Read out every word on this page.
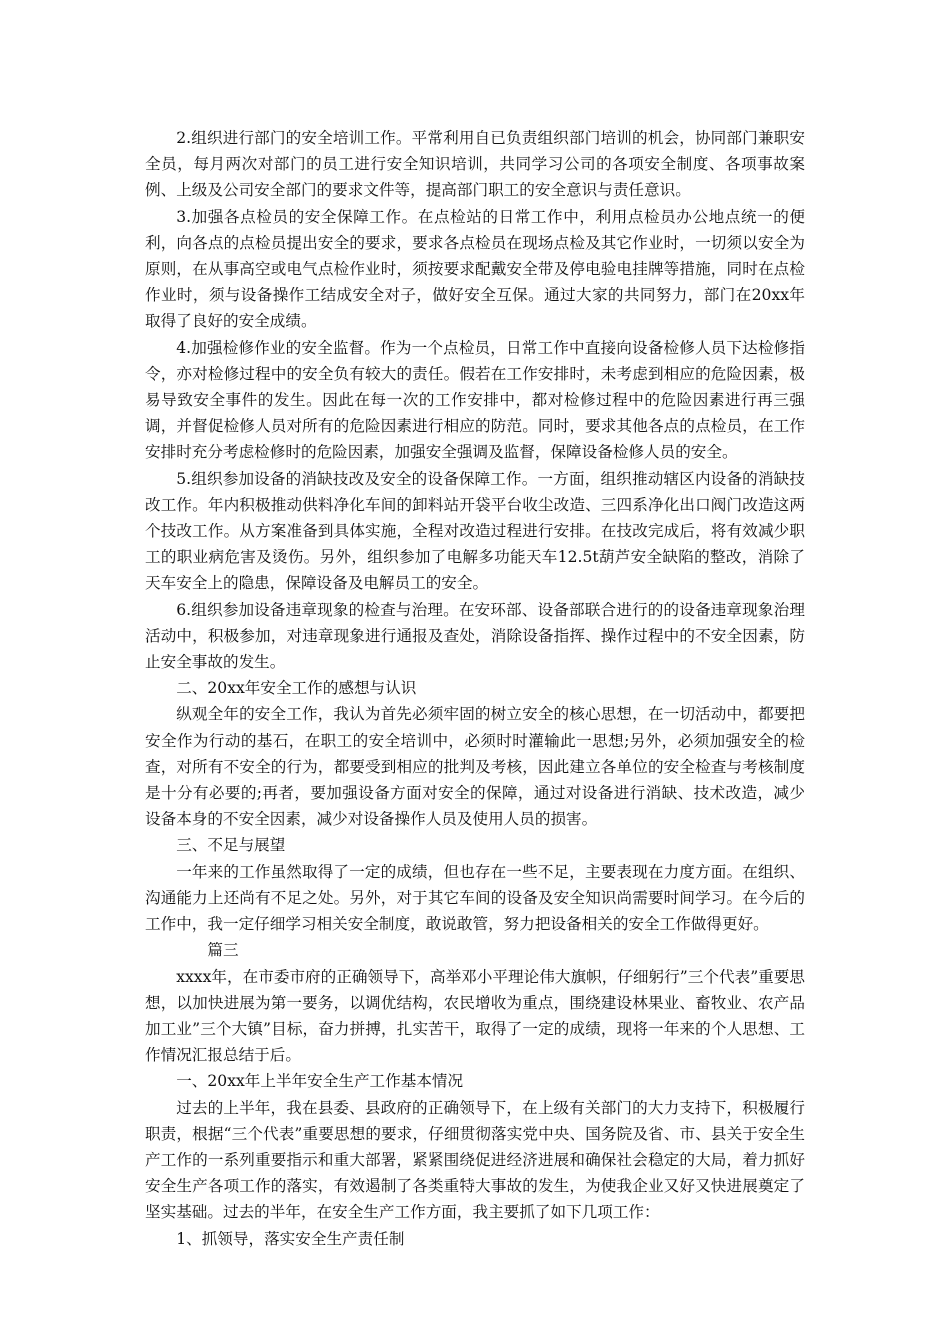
2.组织进行部门的安全培训工作。平常利用自已负责组织部门培训的机会，协同部门兼职安全员，每月两次对部门的员工进行安全知识培训，共同学习公司的各项安全制度、各项事故案例、上级及公司安全部门的要求文件等，提高部门职工的安全意识与责任意识。

3.加强各点检员的安全保障工作。在点检站的日常工作中，利用点检员办公地点统一的便利，向各点的点检员提出安全的要求，要求各点检员在现场点检及其它作业时，一切须以安全为原则，在从事高空或电气点检作业时，须按要求配戴安全带及停电验电挂牌等措施，同时在点检作业时，须与设备操作工结成安全对子，做好安全互保。通过大家的共同努力，部门在20xx年取得了良好的安全成绩。

4.加强检修作业的安全监督。作为一个点检员，日常工作中直接向设备检修人员下达检修指令，亦对检修过程中的安全负有较大的责任。假若在工作安排时，未考虑到相应的危险因素，极易导致安全事件的发生。因此在每一次的工作安排中，都对检修过程中的危险因素进行再三强调，并督促检修人员对所有的危险因素进行相应的防范。同时，要求其他各点的点检员，在工作安排时充分考虑检修时的危险因素，加强安全强调及监督，保障设备检修人员的安全。

5.组织参加设备的消缺技改及安全的设备保障工作。一方面，组织推动辖区内设备的消缺技改工作。年内积极推动供料净化车间的卸料站开袋平台收尘改造、三四系净化出口阀门改造这两个技改工作。从方案准备到具体实施，全程对改造过程进行安排。在技改完成后，将有效减少职工的职业病危害及烫伤。另外，组织参加了电解多功能天车12.5t葫芦安全缺陷的整改，消除了天车安全上的隐患，保障设备及电解员工的安全。

6.组织参加设备违章现象的检查与治理。在安环部、设备部联合进行的的设备违章现象治理活动中，积极参加，对违章现象进行通报及查处，消除设备指挥、操作过程中的不安全因素，防止安全事故的发生。

二、20xx年安全工作的感想与认识

纵观全年的安全工作，我认为首先必须牢固的树立安全的核心思想，在一切活动中，都要把安全作为行动的基石，在职工的安全培训中，必须时时灌输此一思想;另外，必须加强安全的检查，对所有不安全的行为，都要受到相应的批判及考核，因此建立各单位的安全检查与考核制度是十分有必要的;再者，要加强设备方面对安全的保障，通过对设备进行消缺、技术改造，减少设备本身的不安全因素，减少对设备操作人员及使用人员的损害。

三、不足与展望

一年来的工作虽然取得了一定的成绩，但也存在一些不足，主要表现在力度方面。在组织、沟通能力上还尚有不足之处。另外，对于其它车间的设备及安全知识尚需要时间学习。在今后的工作中，我一定仔细学习相关安全制度，敢说敢管，努力把设备相关的安全工作做得更好。

篇三

xxxx年，在市委市府的正确领导下，高举邓小平理论伟大旗帜，仔细躬行”三个代表”重要思想，以加快进展为第一要务，以调优结构，农民增收为重点，围绕建设林果业、畜牧业、农产品加工业”三个大镇”目标，奋力拼搏，扎实苦干，取得了一定的成绩，现将一年来的个人思想、工作情况汇报总结于后。

一、20xx年上半年安全生产工作基本情况

过去的上半年，我在县委、县政府的正确领导下，在上级有关部门的大力支持下，积极履行职责，根据“三个代表”重要思想的要求，仔细贯彻落实党中央、国务院及省、市、县关于安全生产工作的一系列重要指示和重大部署，紧紧围绕促进经济进展和确保社会稳定的大局，着力抓好安全生产各项工作的落实，有效遏制了各类重特大事故的发生，为使我企业又好又快进展奠定了坚实基础。过去的半年，在安全生产工作方面，我主要抓了如下几项工作：

1、抓领导，落实安全生产责任制
